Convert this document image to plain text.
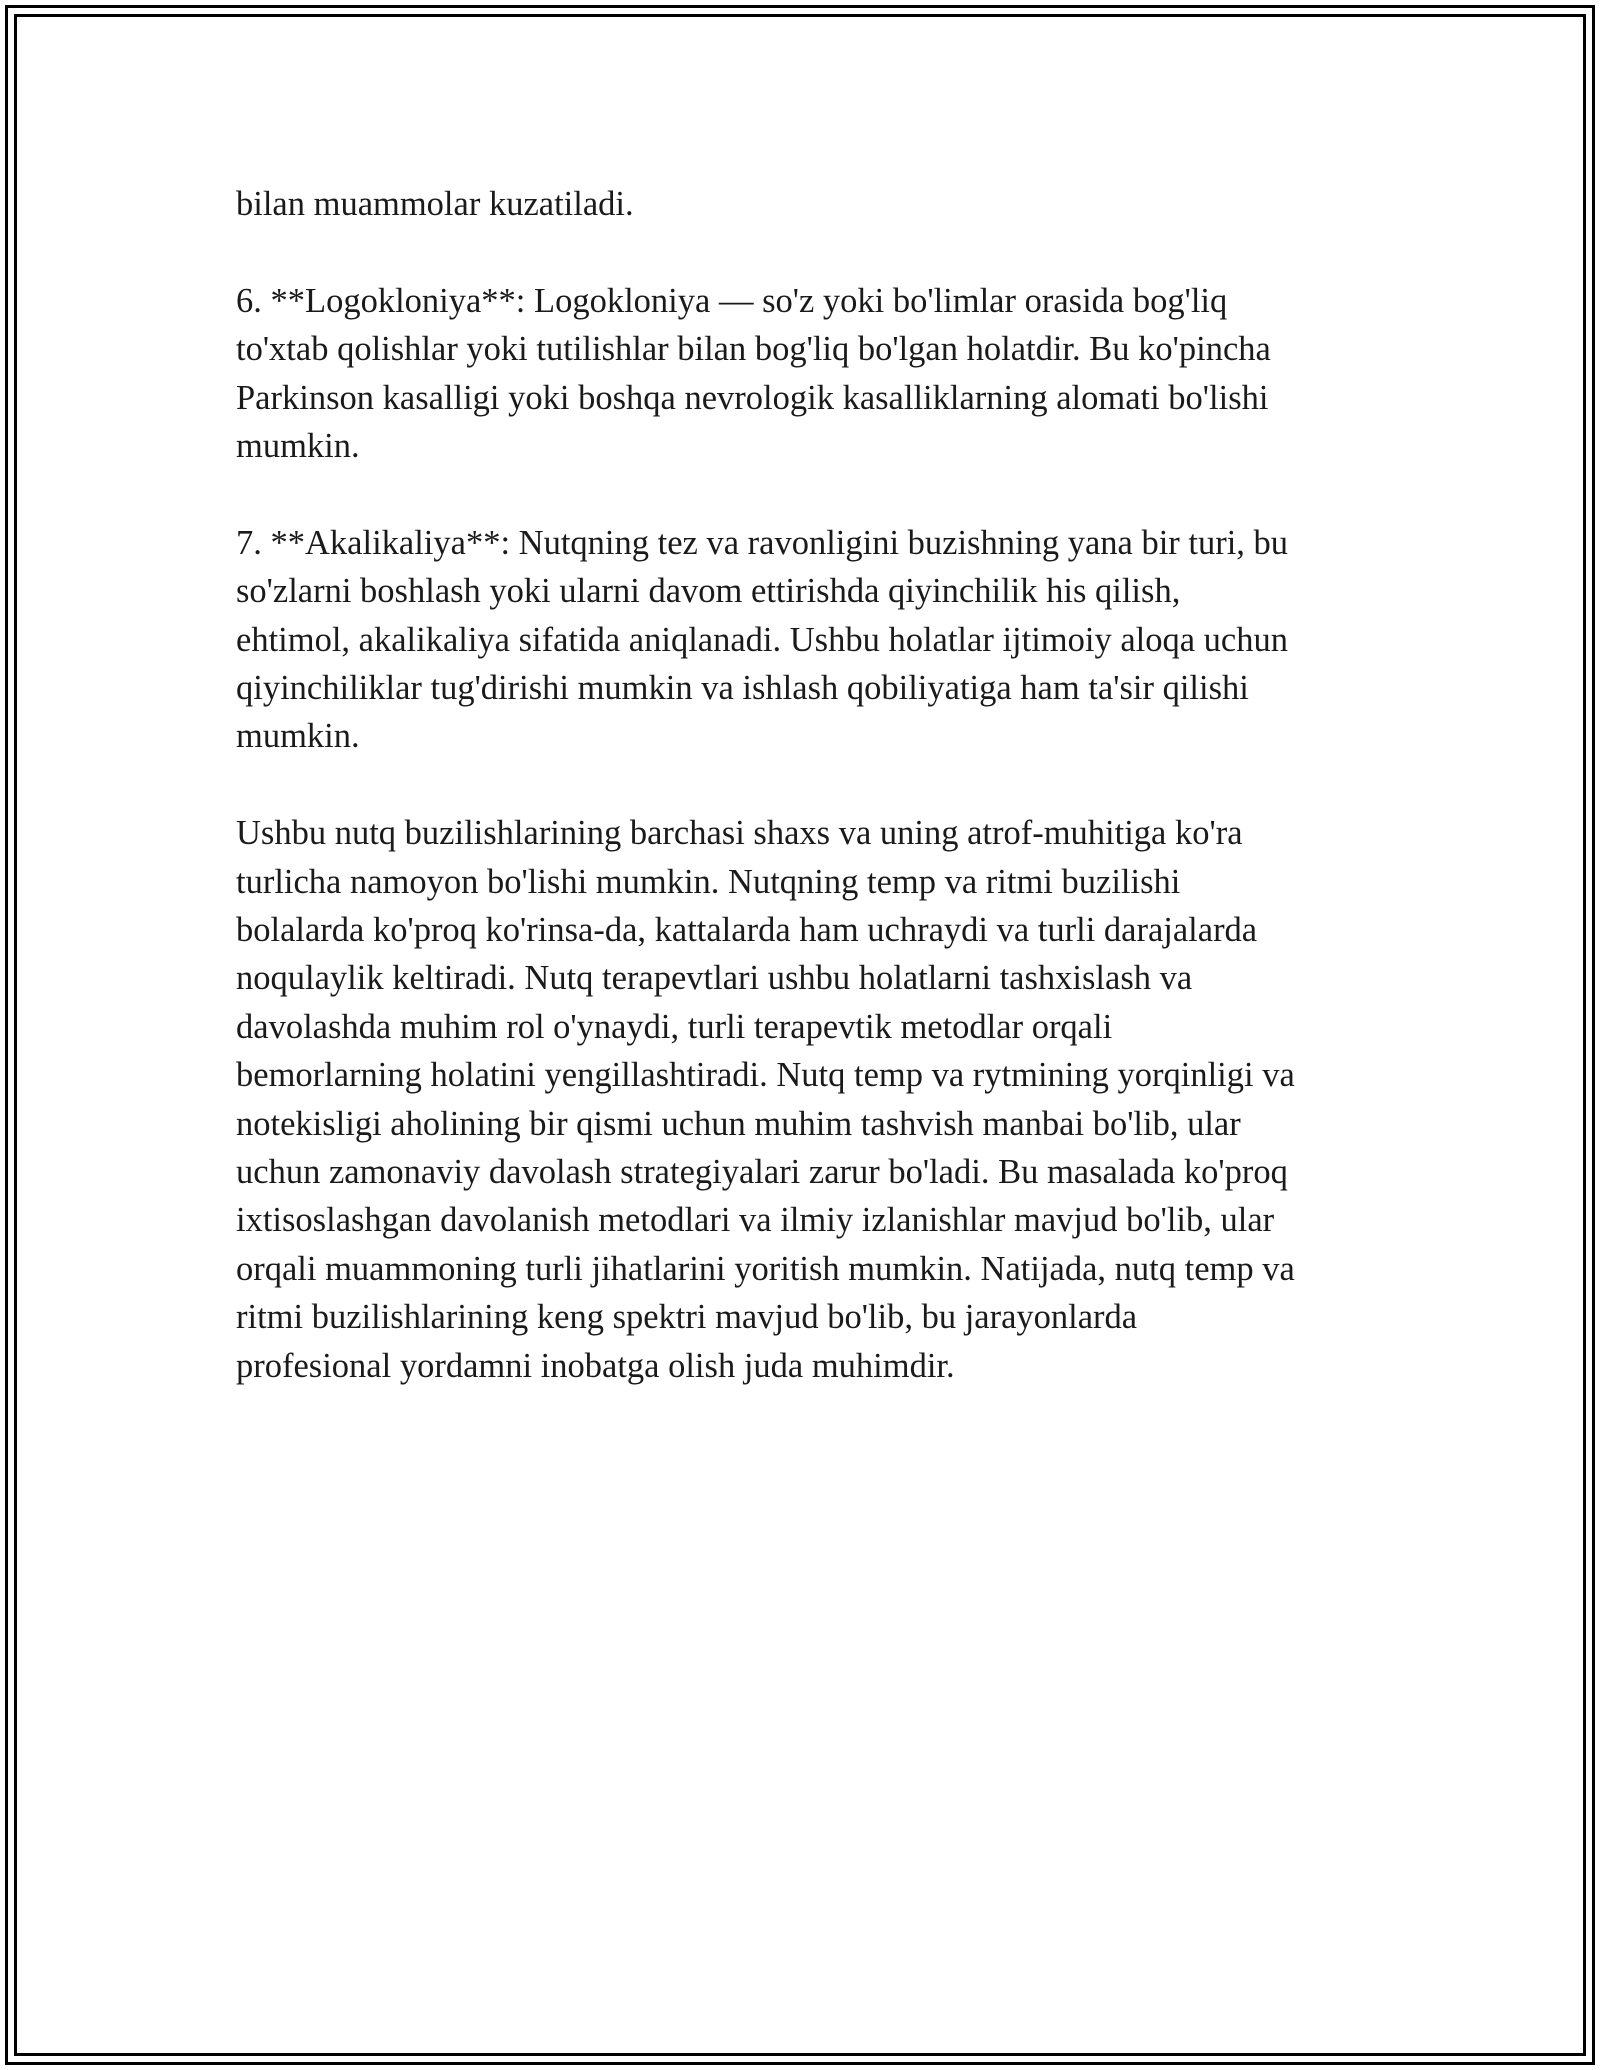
bilan muammolar kuzatiladi.

6. **Logokloniya**: Logokloniya — so'z yoki bo'limlar orasida bog'liq
to'xtab qolishlar yoki tutilishlar bilan bog'liq bo'lgan holatdir. Bu ko'pincha
Parkinson kasalligi yoki boshqa nevrologik kasalliklarning alomati bo'lishi
mumkin.

7. **Akalikaliya**: Nutqning tez va ravonligini buzishning yana bir turi, bu
so'zlarni boshlash yoki ularni davom ettirishda qiyinchilik his qilish,
ehtimol, akalikaliya sifatida aniqlanadi. Ushbu holatlar ijtimoiy aloqa uchun
qiyinchiliklar tug'dirishi mumkin va ishlash qobiliyatiga ham ta'sir qilishi
mumkin.

Ushbu nutq buzilishlarining barchasi shaxs va uning atrof-muhitiga ko'ra
turlicha namoyon bo'lishi mumkin. Nutqning temp va ritmi buzilishi
bolalarda ko'proq ko'rinsa-da, kattalarda ham uchraydi va turli darajalarda
noqulaylik keltiradi. Nutq terapevtlari ushbu holatlarni tashxislash va
davolashda muhim rol o'ynaydi, turli terapevtik metodlar orqali
bemorlarning holatini yengillashtiradi. Nutq temp va rytmining yorqinligi va
notekisligi aholining bir qismi uchun muhim tashvish manbai bo'lib, ular
uchun zamonaviy davolash strategiyalari zarur bo'ladi. Bu masalada ko'proq
ixtisoslashgan davolanish metodlari va ilmiy izlanishlar mavjud bo'lib, ular
orqali muammoning turli jihatlarini yoritish mumkin. Natijada, nutq temp va
ritmi buzilishlarining keng spektri mavjud bo'lib, bu jarayonlarda
profesional yordamni inobatga olish juda muhimdir.
